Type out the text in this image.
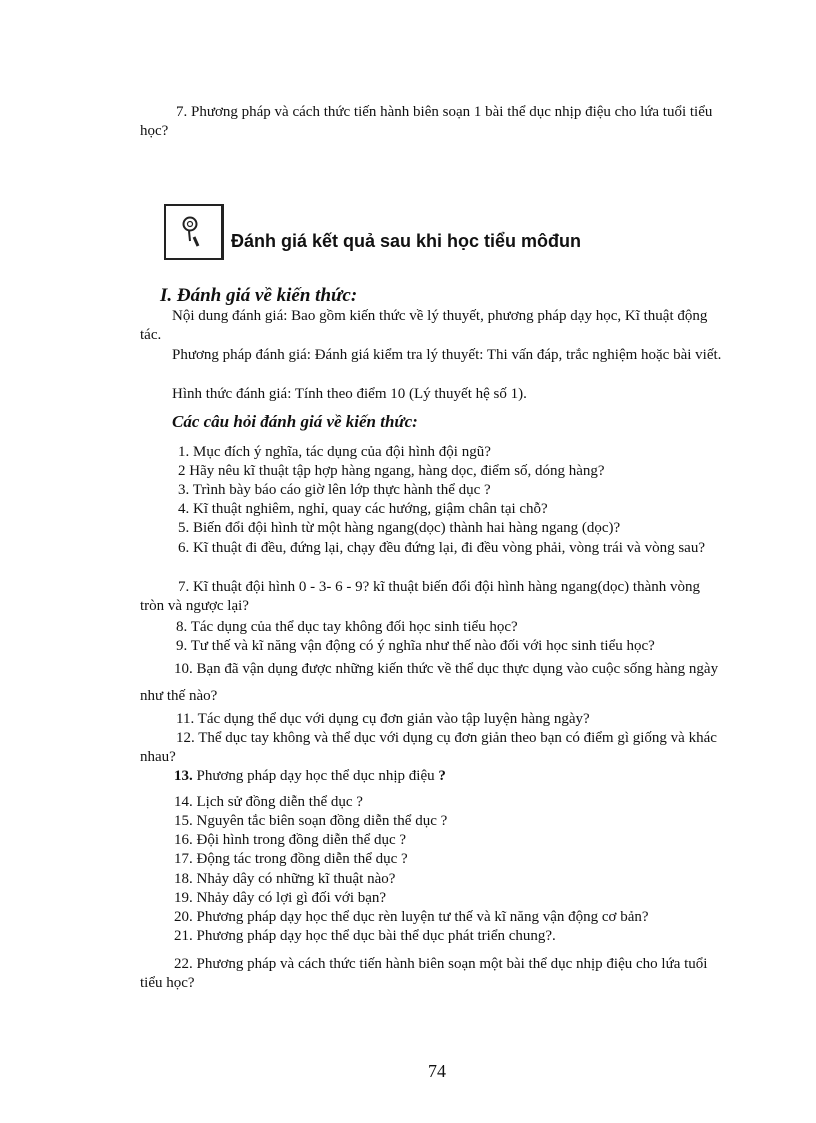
7. Phương pháp và cách thức tiến hành biên soạn 1 bài thể dục nhịp điệu cho lứa tuổi tiểu học?

Đánh giá kết quả sau khi học tiểu môđun
I. Đánh giá về kiến thức:

Nội dung đánh giá: Bao gồm kiến thức về lý thuyết, phương pháp dạy học, Kĩ thuật động tác.

Phương pháp đánh giá: Đánh giá kiểm tra lý thuyết: Thi vấn đáp, trắc nghiệm hoặc bài viết.

Hình thức đánh giá: Tính theo điểm 10 (Lý thuyết hệ số 1).

Các câu hỏi đánh giá về kiến thức:
1. Mục đích ý nghĩa, tác dụng của đội hình đội ngũ?
2 Hãy nêu kĩ thuật tập hợp hàng ngang, hàng dọc, điểm số, dóng hàng?
3. Trình bày báo cáo giờ lên lớp thực hành thể dục ?
4. Kĩ thuật nghiêm, nghỉ, quay các hướng, giậm chân tại chỗ?
5. Biến đổi đội hình từ một hàng ngang(dọc) thành hai hàng ngang (dọc)?
6. Kĩ thuật đi đều, đứng lại, chạy đều đứng lại, đi đều vòng phải, vòng trái và vòng sau?
7. Kĩ thuật đội hình 0 - 3- 6 - 9? kĩ thuật biến đổi đội hình hàng ngang(dọc) thành vòng tròn và ngược lại?
8. Tác dụng của thể dục tay không đối học sinh tiểu học?
9. Tư thế và kĩ năng vận động có ý nghĩa như thế nào đối với học sinh tiểu học?
10. Bạn đã vận dụng được những kiến thức về thể dục thực dụng vào cuộc sống hàng ngày như thế nào?
11. Tác dụng thể dục với dụng cụ đơn giản vào tập luyện hàng ngày?
12. Thể dục tay không và thể dục với dụng cụ đơn giản theo bạn có điểm gì giống và khác nhau?
13. Phương pháp dạy học thể dục nhịp điệu ?
14. Lịch sử đồng diễn thể dục ?
15. Nguyên tắc biên soạn đồng diễn thể dục ?
16. Đội hình trong đồng diễn thể dục ?
17. Động tác trong đồng diễn thể dục ?
18. Nhảy dây có những kĩ thuật nào?
19. Nhảy dây có lợi gì đối với bạn?
20. Phương pháp dạy học thể dục rèn luyện tư thế và kĩ năng vận động cơ bản?
21. Phương pháp dạy học thể dục bài thể dục phát triển chung?.
22. Phương pháp và cách thức tiến hành biên soạn một bài thể dục nhịp điệu cho lứa tuổi tiểu học?
74
